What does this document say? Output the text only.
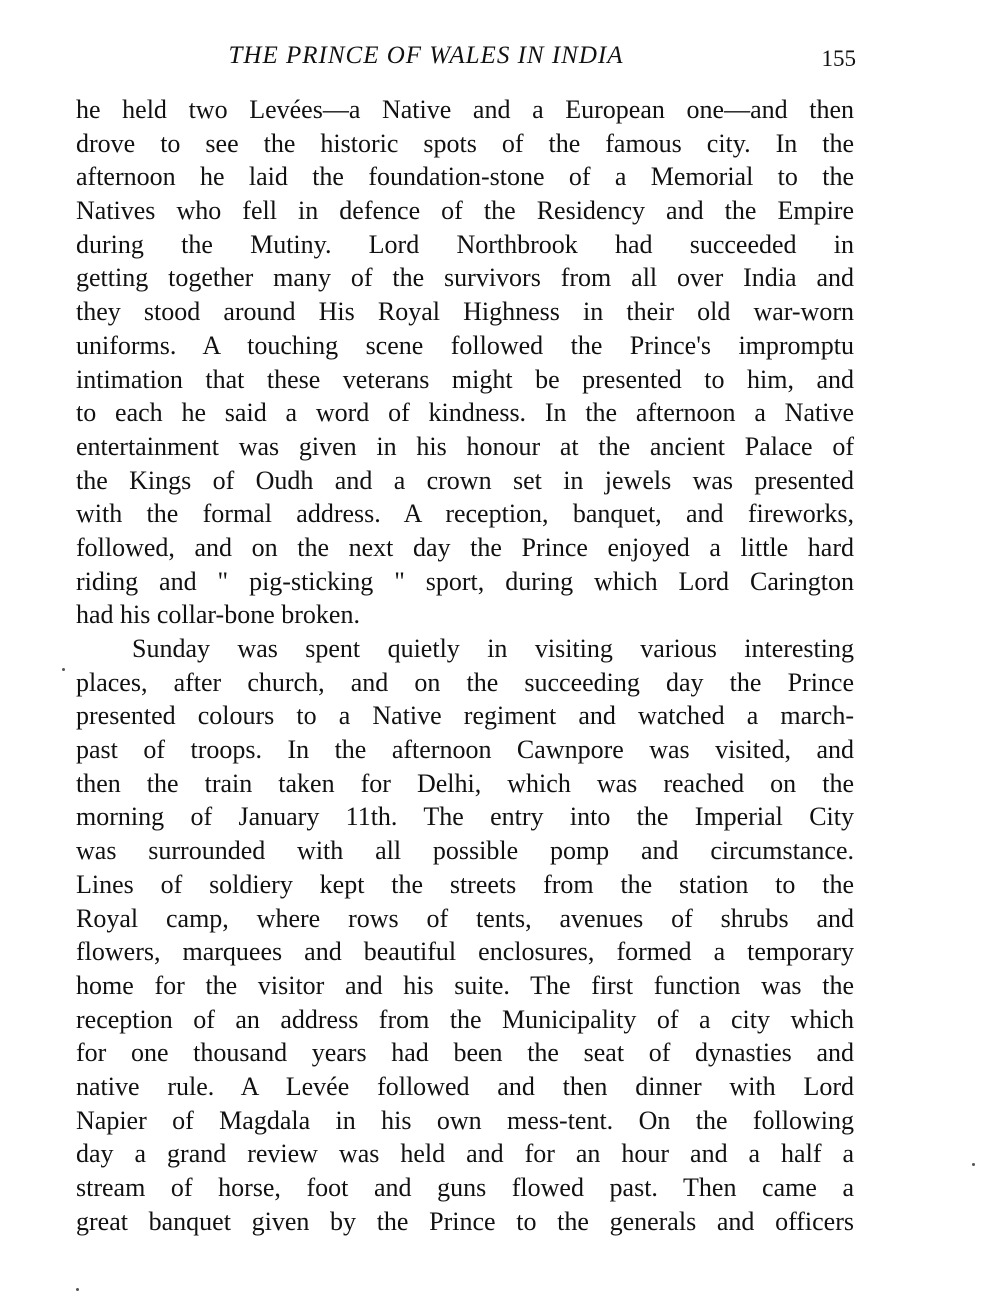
THE PRINCE OF WALES IN INDIA	155
he held two Levées—a Native and a European one—and then
drove to see the historic spots of the famous city. In the
afternoon he laid the foundation-stone of a Memorial to the
Natives who fell in defence of the Residency and the Empire
during the Mutiny. Lord Northbrook had succeeded in
getting together many of the survivors from all over India and
they stood around His Royal Highness in their old war-worn
uniforms. A touching scene followed the Prince's impromptu
intimation that these veterans might be presented to him, and
to each he said a word of kindness. In the afternoon a Native
entertainment was given in his honour at the ancient Palace of
the Kings of Oudh and a crown set in jewels was presented
with the formal address. A reception, banquet, and fireworks,
followed, and on the next day the Prince enjoyed a little hard
riding and " pig-sticking " sport, during which Lord Carington
had his collar-bone broken.
Sunday was spent quietly in visiting various interesting
places, after church, and on the succeeding day the Prince
presented colours to a Native regiment and watched a march-
past of troops. In the afternoon Cawnpore was visited, and
then the train taken for Delhi, which was reached on the
morning of January 11th. The entry into the Imperial City
was surrounded with all possible pomp and circumstance.
Lines of soldiery kept the streets from the station to the
Royal camp, where rows of tents, avenues of shrubs and
flowers, marquees and beautiful enclosures, formed a temporary
home for the visitor and his suite. The first function was the
reception of an address from the Municipality of a city which
for one thousand years had been the seat of dynasties and
native rule. A Levée followed and then dinner with Lord
Napier of Magdala in his own mess-tent. On the following
day a grand review was held and for an hour and a half a
stream of horse, foot and guns flowed past. Then came a
great banquet given by the Prince to the generals and officers
